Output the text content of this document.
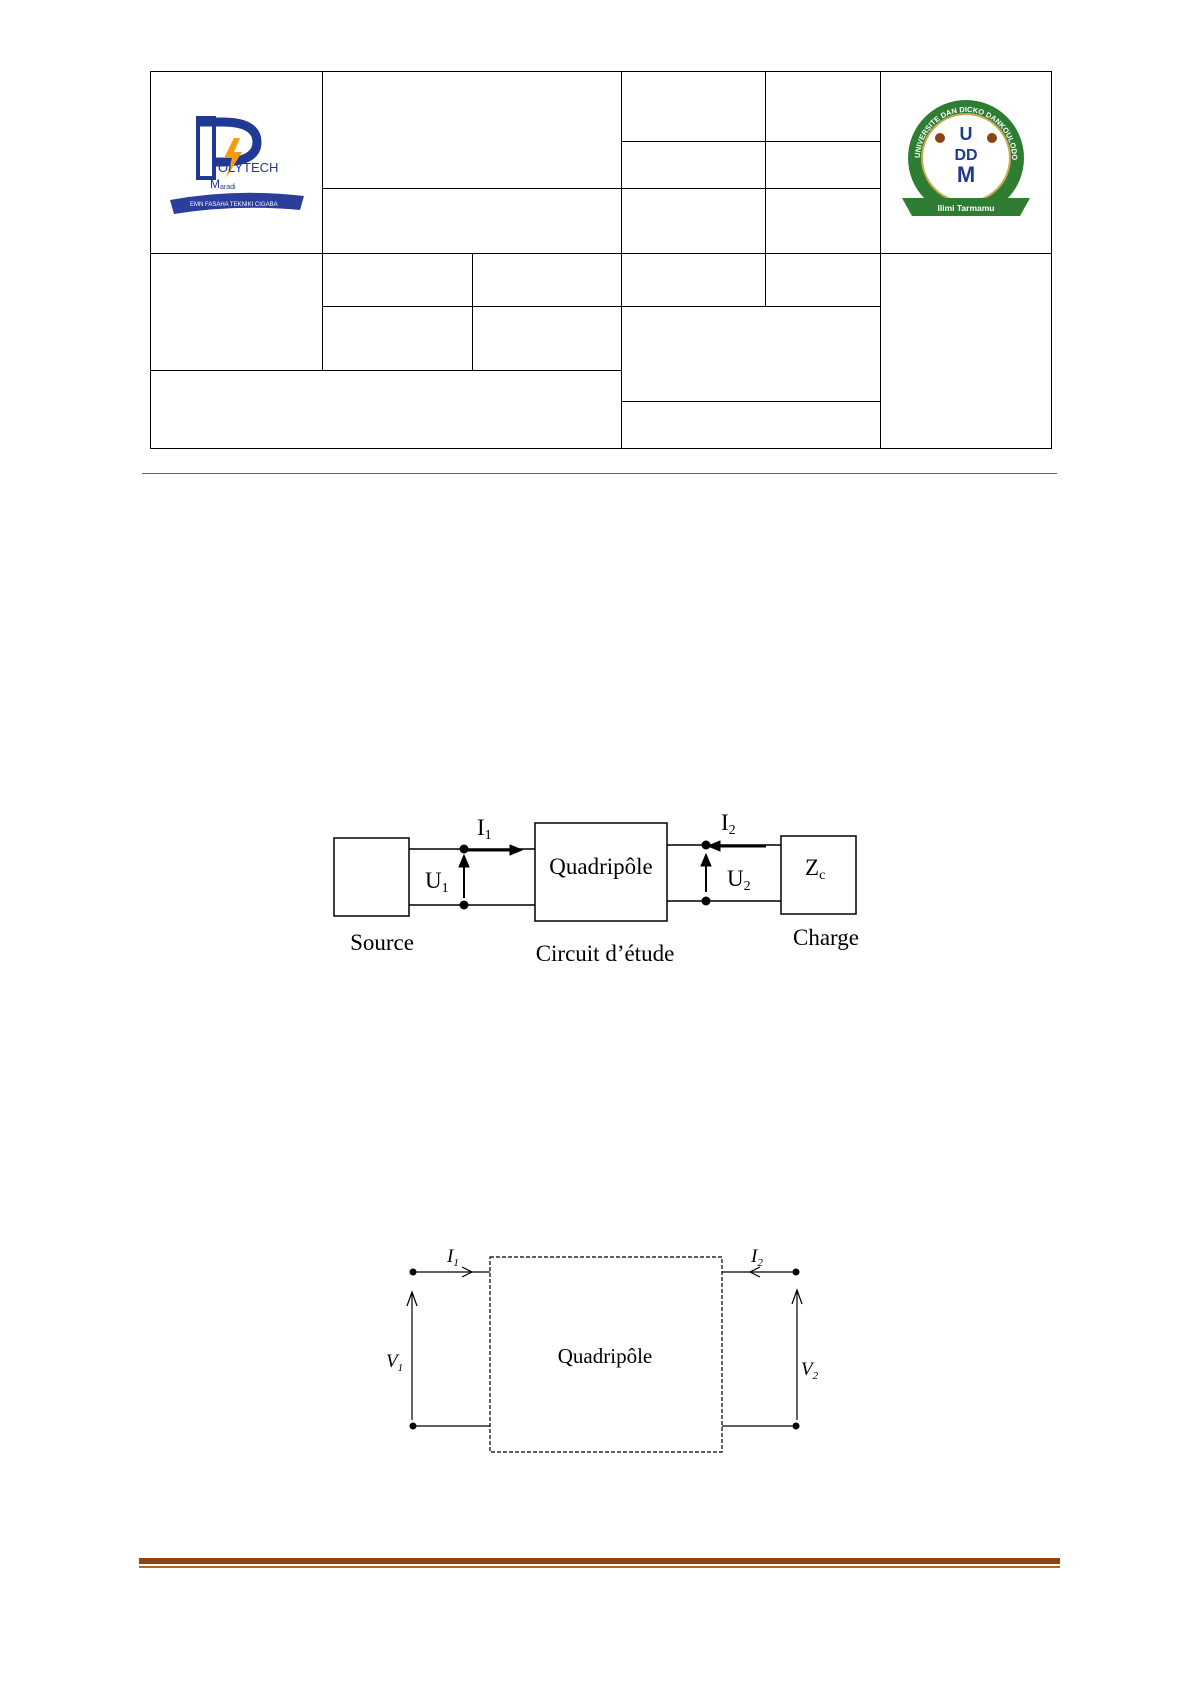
OLYTECH
M aradi
EMN FASAHA TEKNIKI CIGABA					UNIVERSITE DAN DICKO DANKOULODO
U
DD
M
Ilimi Tarmamu

I1
I2
U1	U2
Zc
Quadripôle
Source	Circuit d’étude
Charge
$I_1$	$I_2$
$V_1$	$V_2$
Quadripôle
